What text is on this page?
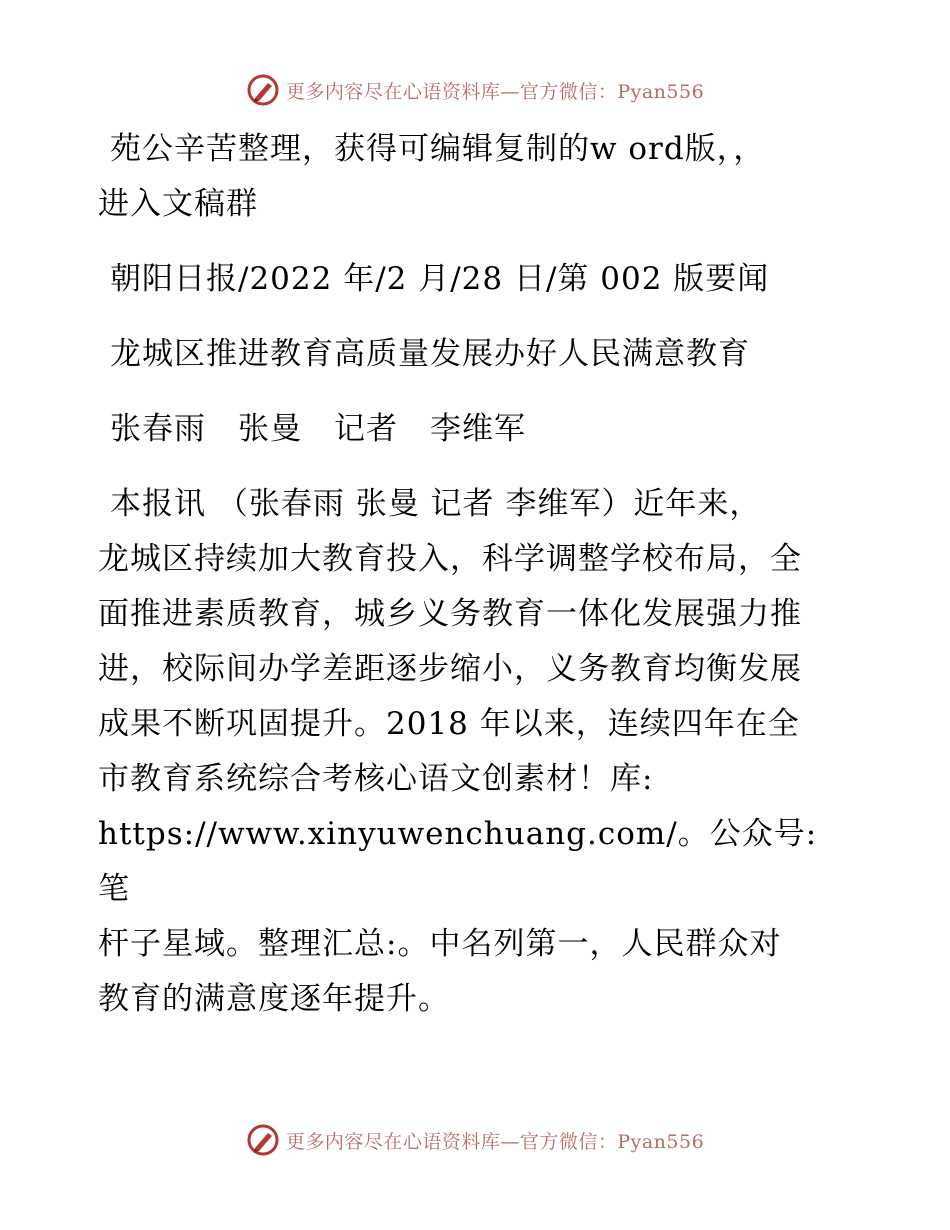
更多内容尽在心语资料库—官方微信：Pyan556

苑公辛苦整理，获得可编辑复制的w ord版，，

进入文稿群

朝阳日报/2022 年/2 月/28 日/第 002 版要闻

龙城区推进教育高质量发展办好人民满意教育

张春雨　张曼　记者　李维军

本报讯 （张春雨 张曼 记者 李维军）近年来，
龙城区持续加大教育投入，科学调整学校布局，全
面推进素质教育，城乡义务教育一体化发展强力推
进，校际间办学差距逐步缩小，义务教育均衡发展
成果不断巩固提升。2018 年以来，连续四年在全
市教育系统综合考核心语文创素材！库:
https://www.xinyuwenchuang.com/。公众号: 笔
杆子星域。整理汇总:。中名列第一，人民群众对
教育的满意度逐年提升。
更多内容尽在心语资料库—官方微信：Pyan556
